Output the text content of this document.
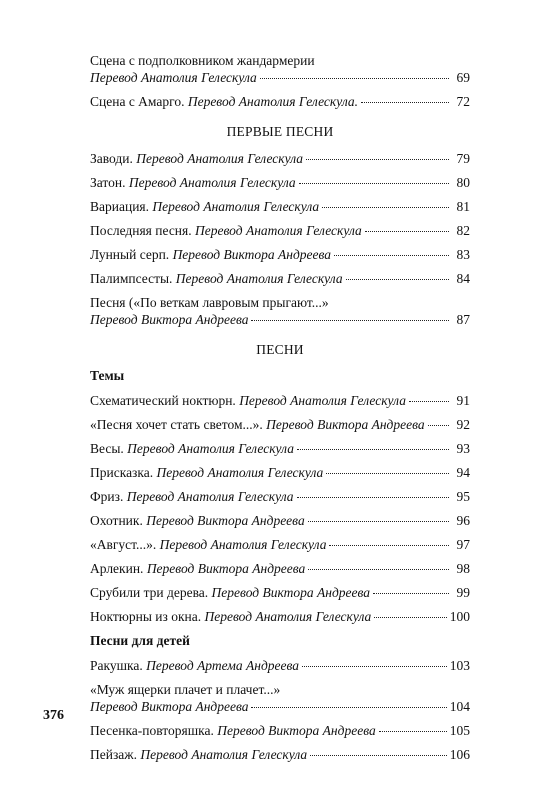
Сцена с подполковником жандармерии
Перевод Анатолия Гелескула	69
Сцена с Амарго. Перевод Анатолия Гелескула.	72
ПЕРВЫЕ ПЕСНИ
Заводи. Перевод Анатолия Гелескула	79
Затон. Перевод Анатолия Гелескула	80
Вариация. Перевод Анатолия Гелескула	81
Последняя песня. Перевод Анатолия Гелескула	82
Лунный серп. Перевод Виктора Андреева	83
Палимпсесты. Перевод Анатолия Гелескула	84
Песня («По веткам лавровым прыгают...»
Перевод Виктора Андреева	87
ПЕСНИ
Темы
Схематический ноктюрн. Перевод Анатолия Гелескула	91
«Песня хочет стать светом...». Перевод Виктора Андреева	92
Весы. Перевод Анатолия Гелескула	93
Присказка. Перевод Анатолия Гелескула	94
Фриз. Перевод Анатолия Гелескула	95
Охотник. Перевод Виктора Андреева	96
«Август...». Перевод Анатолия Гелескула	97
Арлекин. Перевод Виктора Андреева	98
Срубили три дерева. Перевод Виктора Андреева	99
Ноктюрны из окна. Перевод Анатолия Гелескула	100
Песни для детей
Ракушка. Перевод Артема Андреева	103
«Муж ящерки плачет и плачет...»
Перевод Виктора Андреева	104
Песенка-повторяшка. Перевод Виктора Андреева	105
Пейзаж. Перевод Анатолия Гелескула	106
376
